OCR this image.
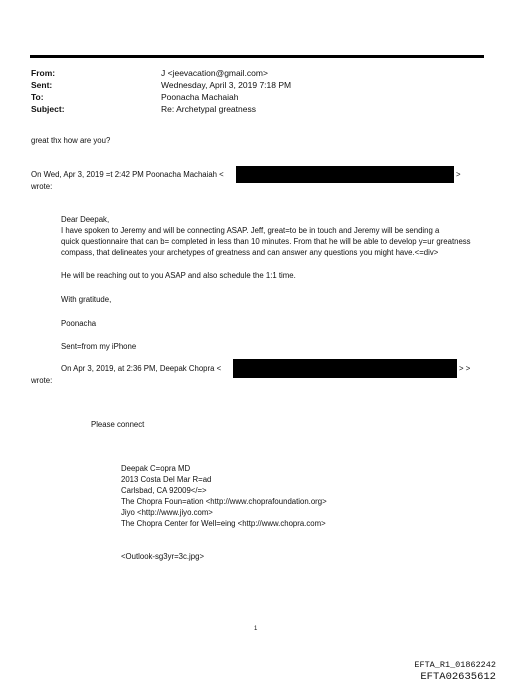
From:	J <jeevacation@gmail.com>
Sent:	Wednesday, April 3, 2019 7:18 PM
To:	Poonacha Machaiah
Subject:	Re: Archetypal greatness
great thx how are you?
On Wed, Apr 3, 2019 =t 2:42 PM Poonacha Machaiah <	>
wrote:
Dear Deepak,
I have spoken to Jeremy and will be connecting ASAP. Jeff, great=to be in touch and Jeremy will be sending a
quick questionnaire that can b= completed in less than 10 minutes. From that he will be able to develop y=ur greatness
compass, that delineates your archetypes of greatness and can answer any questions you might have.<=div>
He will be reaching out to you ASAP and also schedule the 1:1 time.
With gratitude,
Poonacha
Sent=from my iPhone
On Apr 3, 2019, at 2:36 PM, Deepak Chopra <	> >
wrote:
Please connect
Deepak C=opra MD
2013 Costa Del Mar R=ad
Carlsbad, CA 92009</=>
The Chopra Foun=ation <http://www.choprafoundation.org>
Jiyo <http://www.jiyo.com>
The Chopra Center for Well=eing <http://www.chopra.com>
<Outlook-sg3yr=3c.jpg>
1
EFTA_R1_01862242
EFTA02635612
